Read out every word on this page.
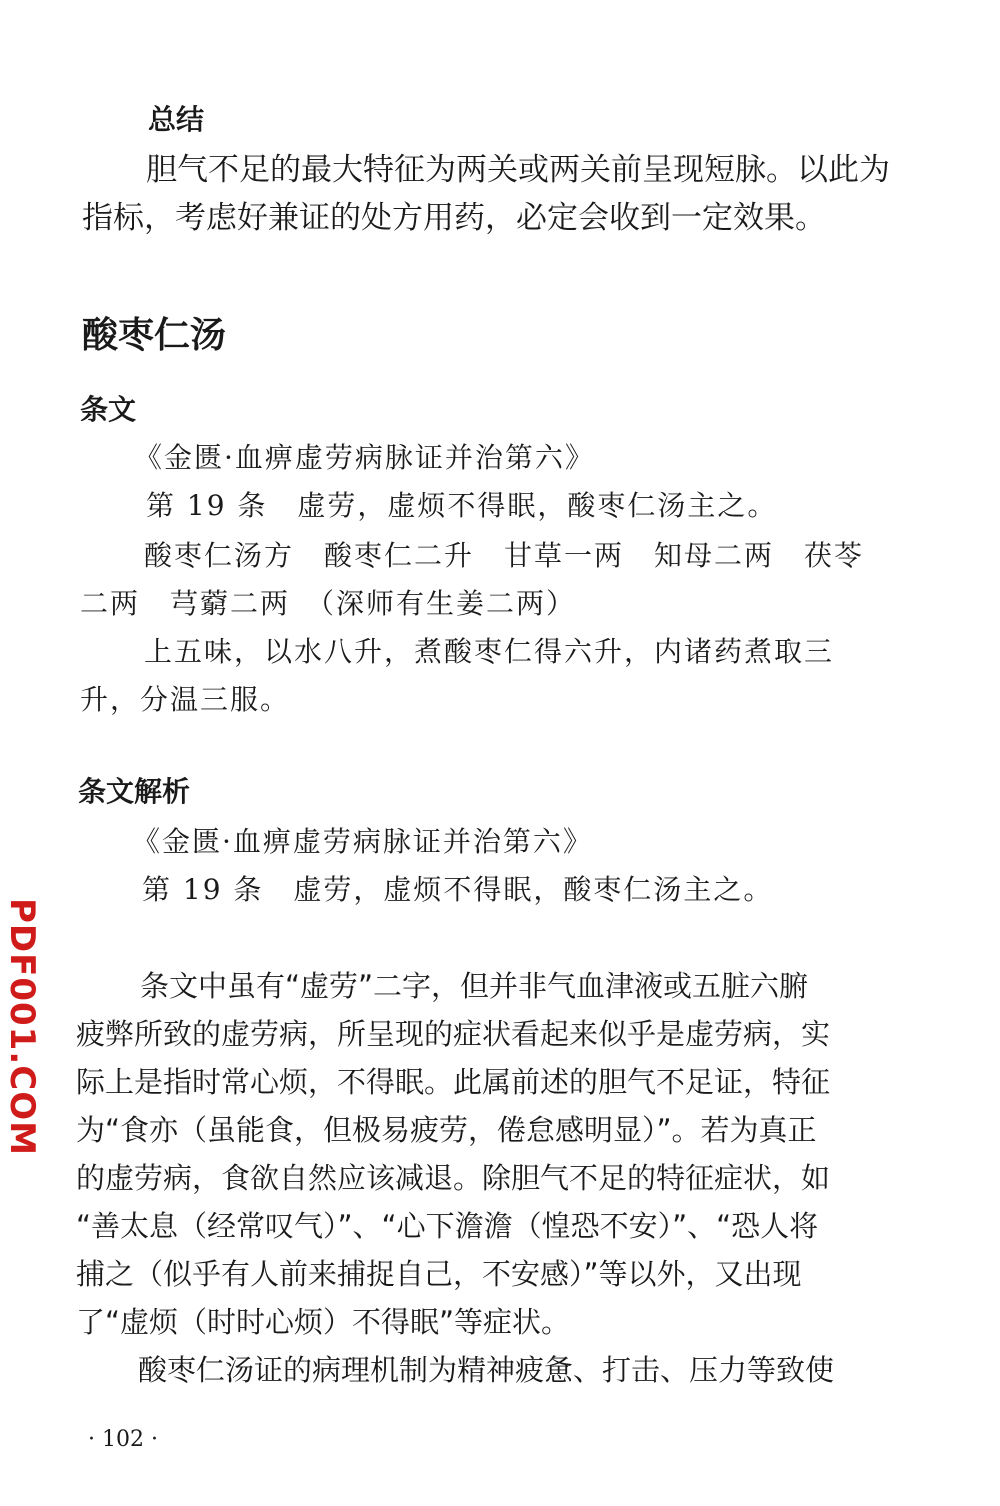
总结
胆气不足的最大特征为两关或两关前呈现短脉。以此为
指标，考虑好兼证的处方用药，必定会收到一定效果。
酸枣仁汤
条文
《金匮·血痹虚劳病脉证并治第六》
第 19 条　虚劳，虚烦不得眠，酸枣仁汤主之。
酸枣仁汤方　酸枣仁二升　甘草一两　知母二两　茯苓
二两　芎藭二两　（深师有生姜二两）
上五味，以水八升，煮酸枣仁得六升，内诸药煮取三
升，分温三服。
条文解析
《金匮·血痹虚劳病脉证并治第六》
第 19 条　虚劳，虚烦不得眠，酸枣仁汤主之。
条文中虽有“虚劳”二字，但并非气血津液或五脏六腑
疲弊所致的虚劳病，所呈现的症状看起来似乎是虚劳病，实
际上是指时常心烦，不得眠。此属前述的胆气不足证，特征
为“食亦（虽能食，但极易疲劳，倦怠感明显）”。若为真正
的虚劳病，食欲自然应该减退。除胆气不足的特征症状，如
“善太息（经常叹气）”、“心下澹澹（惶恐不安）”、“恐人将
捕之（似乎有人前来捕捉自己，不安感）”等以外，又出现
了“虚烦（时时心烦）不得眠”等症状。
酸枣仁汤证的病理机制为精神疲惫、打击、压力等致使
PDF001.COM
· 102 ·
